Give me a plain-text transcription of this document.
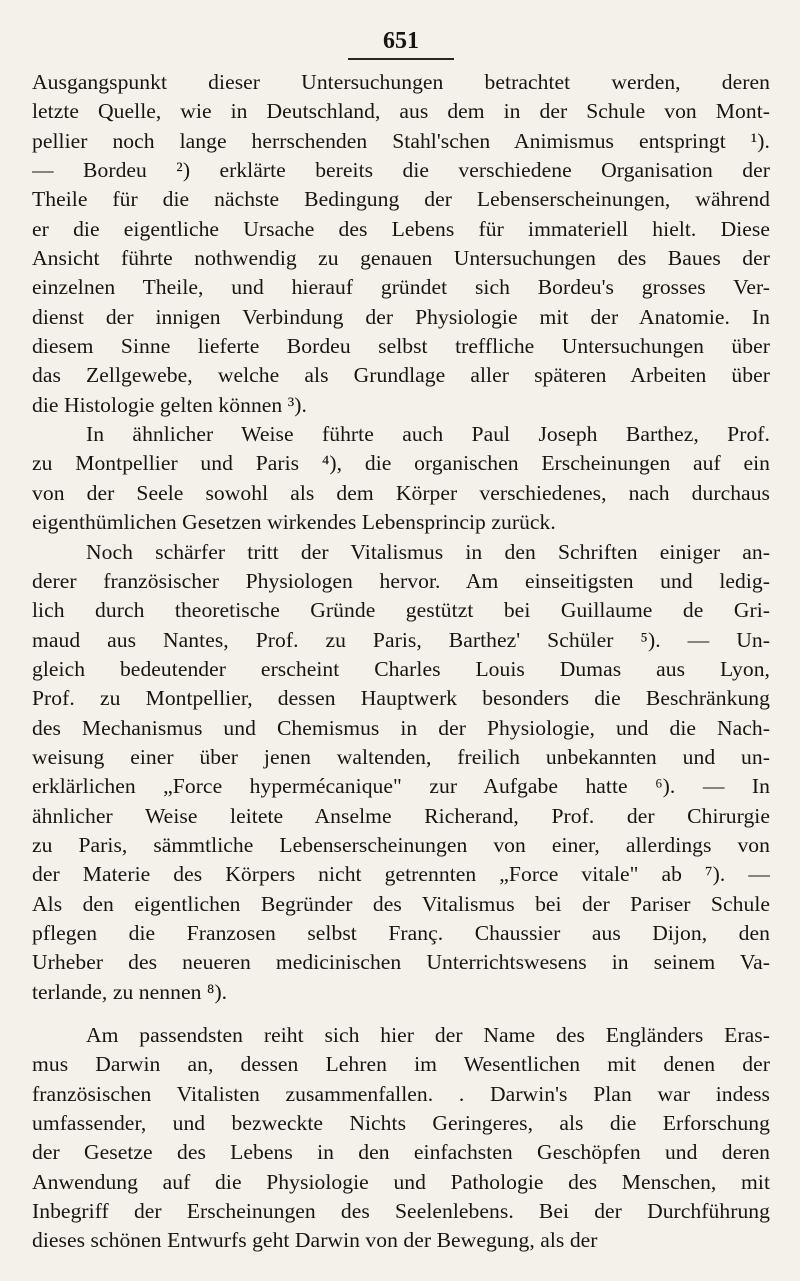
651
Ausgangspunkt dieser Untersuchungen betrachtet werden, deren
letzte Quelle, wie in Deutschland, aus dem in der Schule von Mont-
pellier noch lange herrschenden Stahl'schen Animismus entspringt ¹).
— Bordeu ²) erklärte bereits die verschiedene Organisation der
Theile für die nächste Bedingung der Lebenserscheinungen, während
er die eigentliche Ursache des Lebens für immateriell hielt. Diese
Ansicht führte nothwendig zu genauen Untersuchungen des Baues der
einzelnen Theile, und hierauf gründet sich Bordeu's grosses Ver-
dienst der innigen Verbindung der Physiologie mit der Anatomie. In
diesem Sinne lieferte Bordeu selbst treffliche Untersuchungen über
das Zellgewebe, welche als Grundlage aller späteren Arbeiten über
die Histologie gelten können ³).
In ähnlicher Weise führte auch Paul Joseph Barthez, Prof.
zu Montpellier und Paris ⁴), die organischen Erscheinungen auf ein
von der Seele sowohl als dem Körper verschiedenes, nach durchaus
eigenthümlichen Gesetzen wirkendes Lebensprincip zurück.
Noch schärfer tritt der Vitalismus in den Schriften einiger an-
derer französischer Physiologen hervor. Am einseitigsten und ledig-
lich durch theoretische Gründe gestützt bei Guillaume de Gri-
maud aus Nantes, Prof. zu Paris, Barthez' Schüler ⁵). — Un-
gleich bedeutender erscheint Charles Louis Dumas aus Lyon,
Prof. zu Montpellier, dessen Hauptwerk besonders die Beschränkung
des Mechanismus und Chemismus in der Physiologie, und die Nach-
weisung einer über jenen waltenden, freilich unbekannten und un-
erklärlichen „Force hypermécanique" zur Aufgabe hatte ⁶). — In
ähnlicher Weise leitete Anselme Richerand, Prof. der Chirurgie
zu Paris, sämmtliche Lebenserscheinungen von einer, allerdings von
der Materie des Körpers nicht getrennten „Force vitale" ab ⁷). —
Als den eigentlichen Begründer des Vitalismus bei der Pariser Schule
pflegen die Franzosen selbst Franç. Chaussier aus Dijon, den
Urheber des neueren medicinischen Unterrichtswesens in seinem Va-
terlande, zu nennen ⁸).
Am passendsten reiht sich hier der Name des Engländers Eras-
mus Darwin an, dessen Lehren im Wesentlichen mit denen der
französischen Vitalisten zusammenfallen. . Darwin's Plan war indess
umfassender, und bezweckte Nichts Geringeres, als die Erforschung
der Gesetze des Lebens in den einfachsten Geschöpfen und deren
Anwendung auf die Physiologie und Pathologie des Menschen, mit
Inbegriff der Erscheinungen des Seelenlebens. Bei der Durchführung
dieses schönen Entwurfs geht Darwin von der Bewegung, als der
